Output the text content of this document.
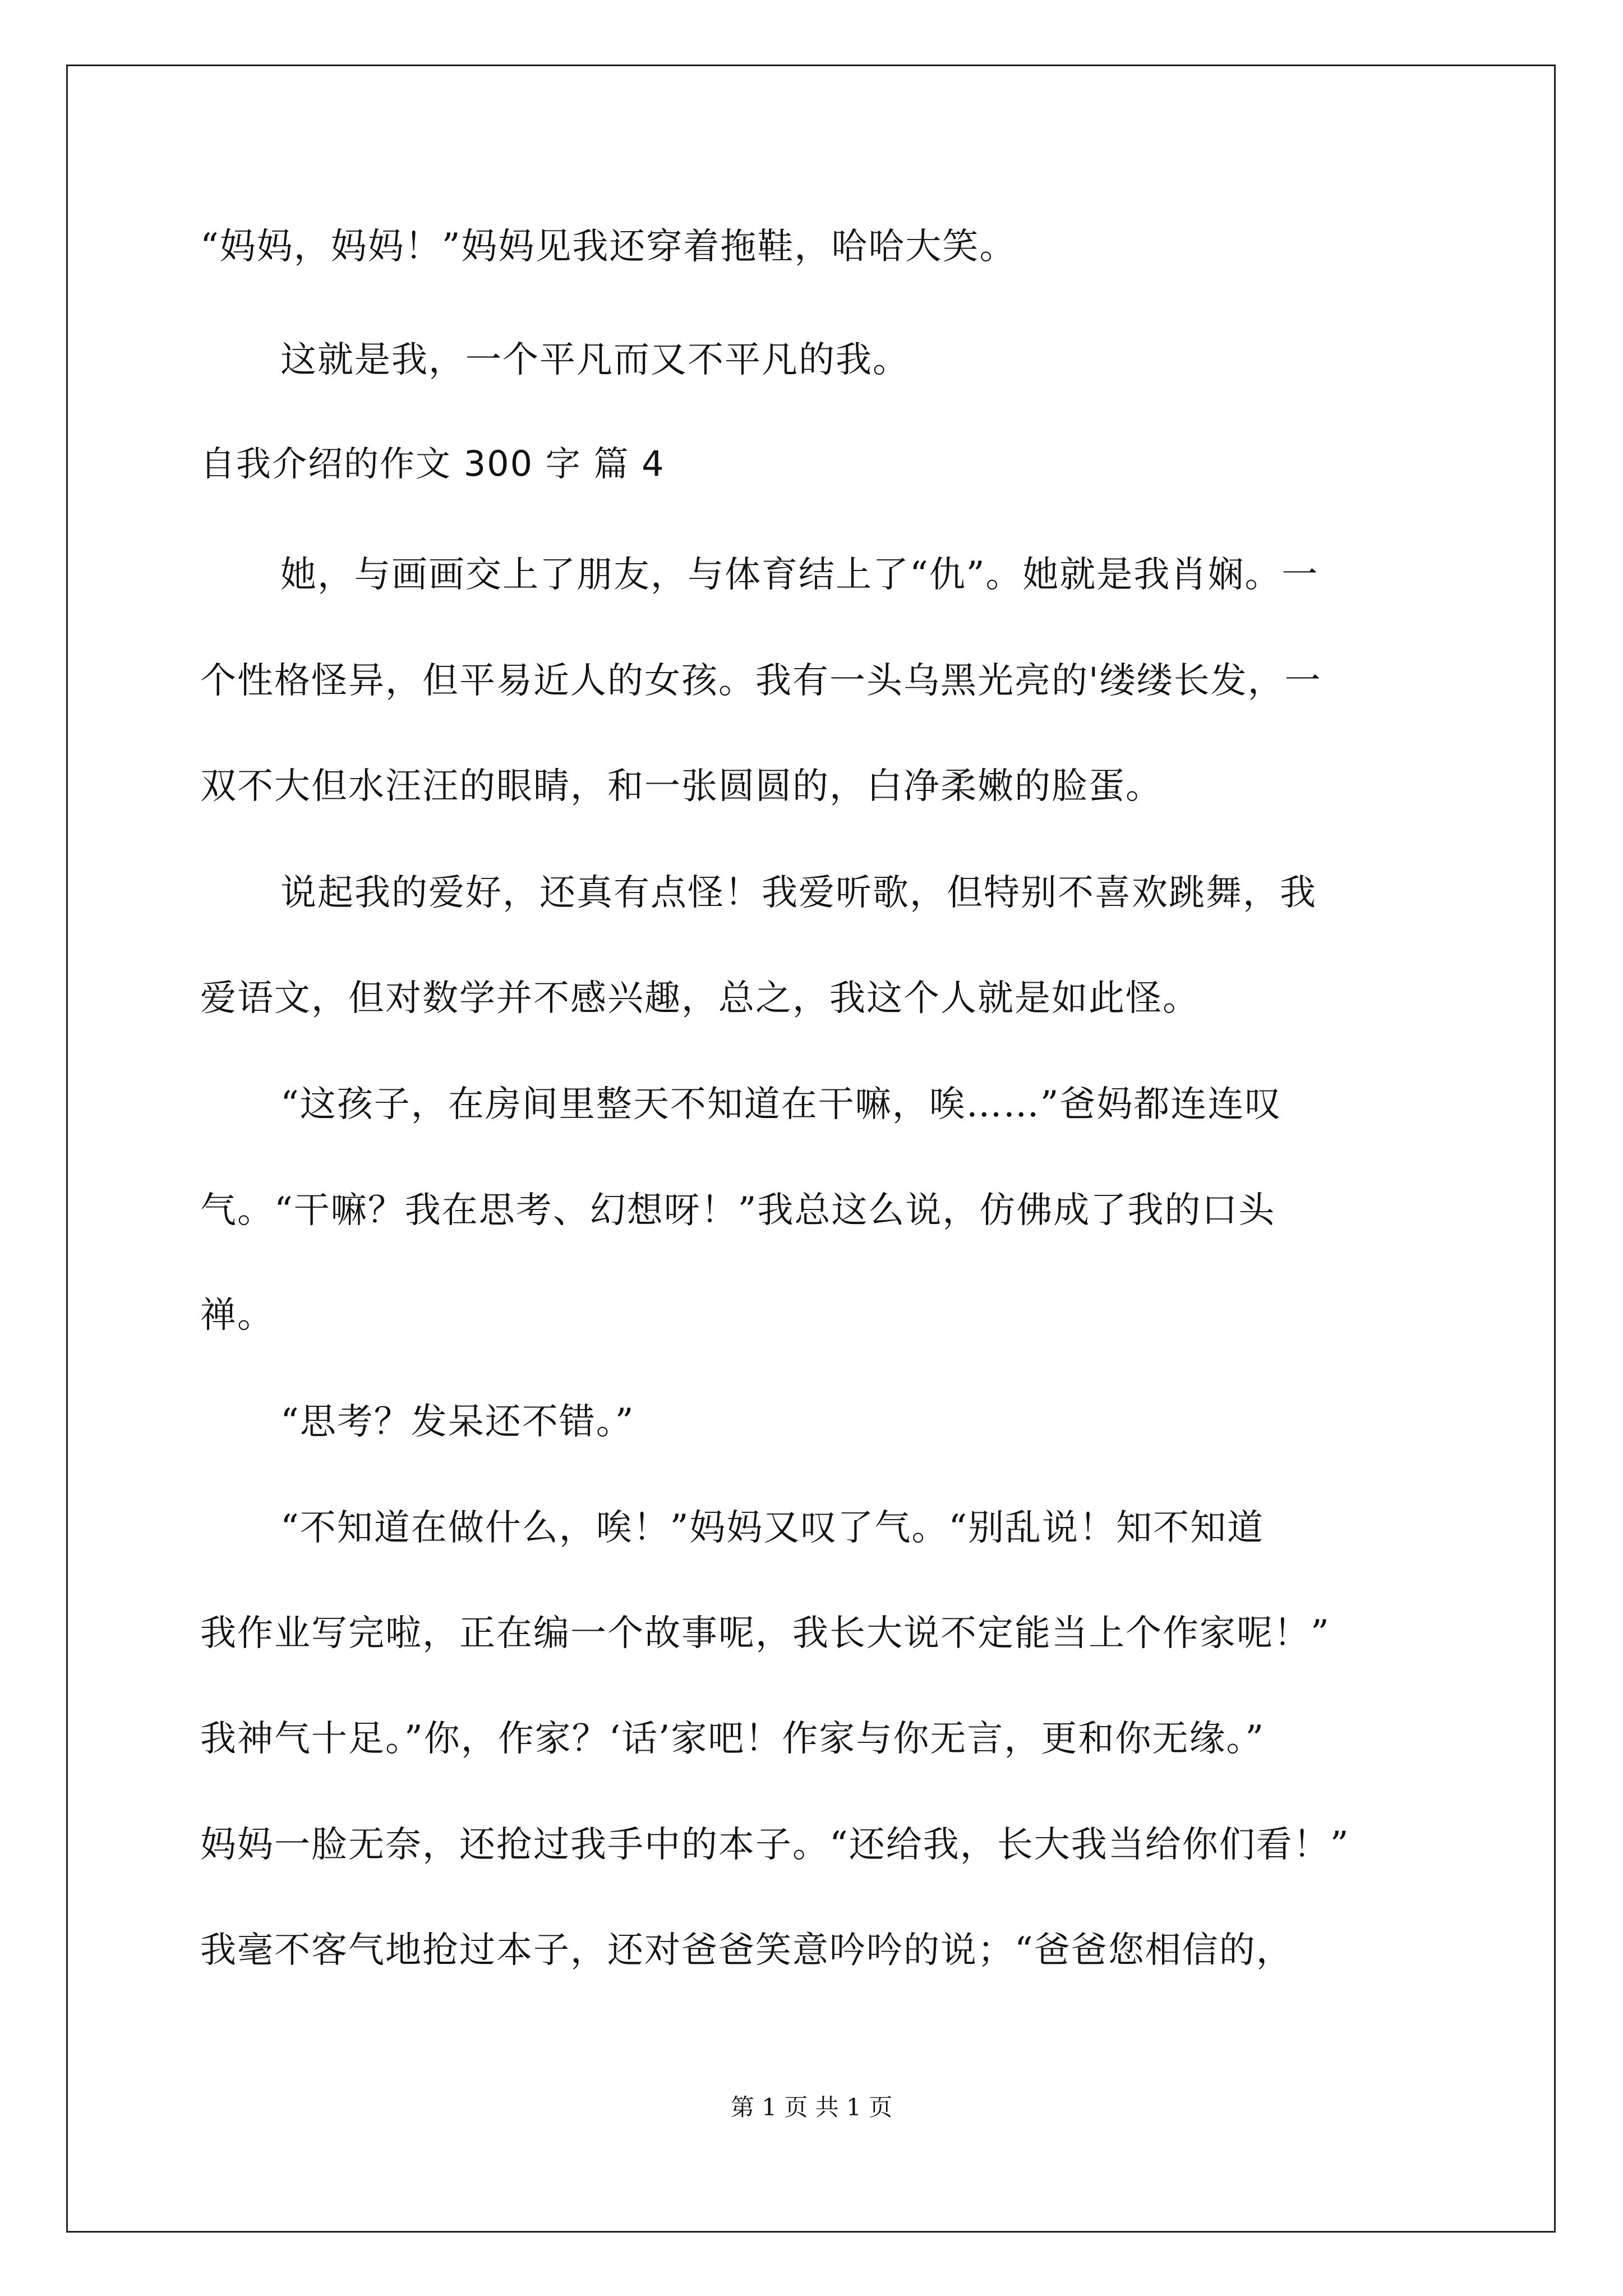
“妈妈，妈妈！”妈妈见我还穿着拖鞋，哈哈大笑。
这就是我，一个平凡而又不平凡的我。
自我介绍的作文 300 字 篇 4
她，与画画交上了朋友，与体育结上了“仇”。她就是我肖娴。一
个性格怪异，但平易近人的女孩。我有一头乌黑光亮的'缕缕长发，一
双不大但水汪汪的眼睛，和一张圆圆的，白净柔嫩的脸蛋。
说起我的爱好，还真有点怪！我爱听歌，但特别不喜欢跳舞，我
爱语文，但对数学并不感兴趣，总之，我这个人就是如此怪。
“这孩子，在房间里整天不知道在干嘛，唉……”爸妈都连连叹
气。“干嘛？我在思考、幻想呀！”我总这么说，仿佛成了我的口头
禅。
“思考？发呆还不错。”
“不知道在做什么，唉！”妈妈又叹了气。“别乱说！知不知道
我作业写完啦，正在编一个故事呢，我长大说不定能当上个作家呢！”
我神气十足。”你，作家？‘话’家吧！作家与你无言，更和你无缘。”
妈妈一脸无奈，还抢过我手中的本子。“还给我，长大我当给你们看！”
我毫不客气地抢过本子，还对爸爸笑意吟吟的说；“爸爸您相信的，
第 1 页 共 1 页
